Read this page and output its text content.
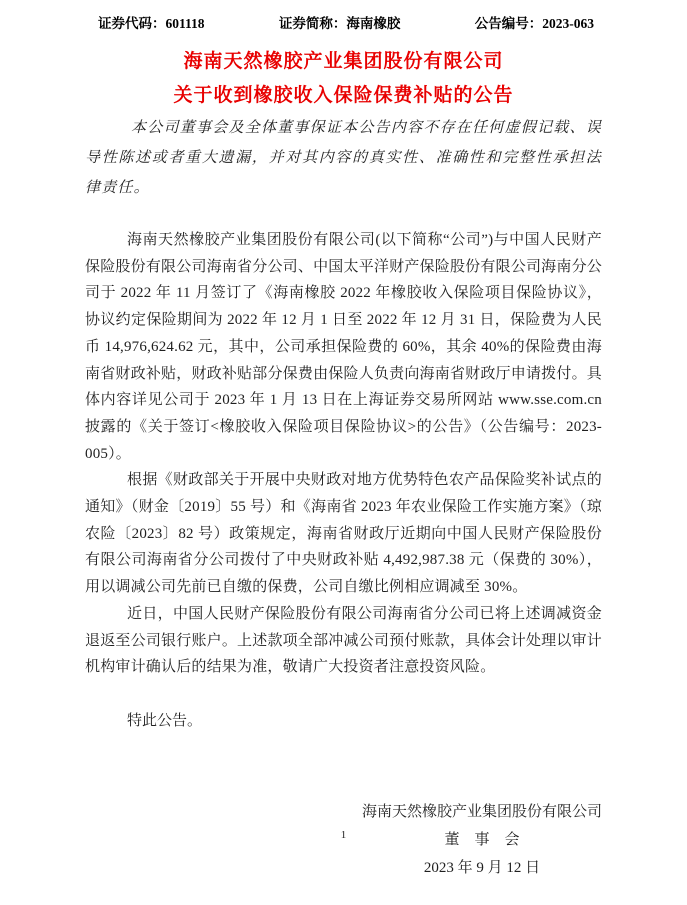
证券代码：601118	证券简称：海南橡胶	公告编号：2023-063
海南天然橡胶产业集团股份有限公司
关于收到橡胶收入保险保费补贴的公告

本公司董事会及全体董事保证本公告内容不存在任何虚假记载、误导性陈述或者重大遗漏，并对其内容的真实性、准确性和完整性承担法律责任。

海南天然橡胶产业集团股份有限公司(以下简称“公司”)与中国人民财产保险股份有限公司海南省分公司、中国太平洋财产保险股份有限公司海南分公司于 2022 年 11 月签订了《海南橡胶 2022 年橡胶收入保险项目保险协议》，协议约定保险期间为 2022 年 12 月 1 日至 2022 年 12 月 31 日，保险费为人民币 14,976,624.62 元，其中，公司承担保险费的 60%，其余 40%的保险费由海南省财政补贴，财政补贴部分保费由保险人负责向海南省财政厅申请拨付。具体内容详见公司于 2023 年 1 月 13 日在上海证券交易所网站 www.sse.com.cn 披露的《关于签订<橡胶收入保险项目保险协议>的公告》（公告编号：2023-005）。

根据《财政部关于开展中央财政对地方优势特色农产品保险奖补试点的通知》（财金〔2019〕55 号）和《海南省 2023 年农业保险工作实施方案》（琼农险〔2023〕82 号）政策规定，海南省财政厅近期向中国人民财产保险股份有限公司海南省分公司拨付了中央财政补贴 4,492,987.38 元（保费的 30%），用以调减公司先前已自缴的保费，公司自缴比例相应调减至 30%。

近日，中国人民财产保险股份有限公司海南省分公司已将上述调减资金退返至公司银行账户。上述款项全部冲减公司预付账款，具体会计处理以审计机构审计确认后的结果为准，敬请广大投资者注意投资风险。

特此公告。

海南天然橡胶产业集团股份有限公司
董　事　会
2023 年 9 月 12 日
1
